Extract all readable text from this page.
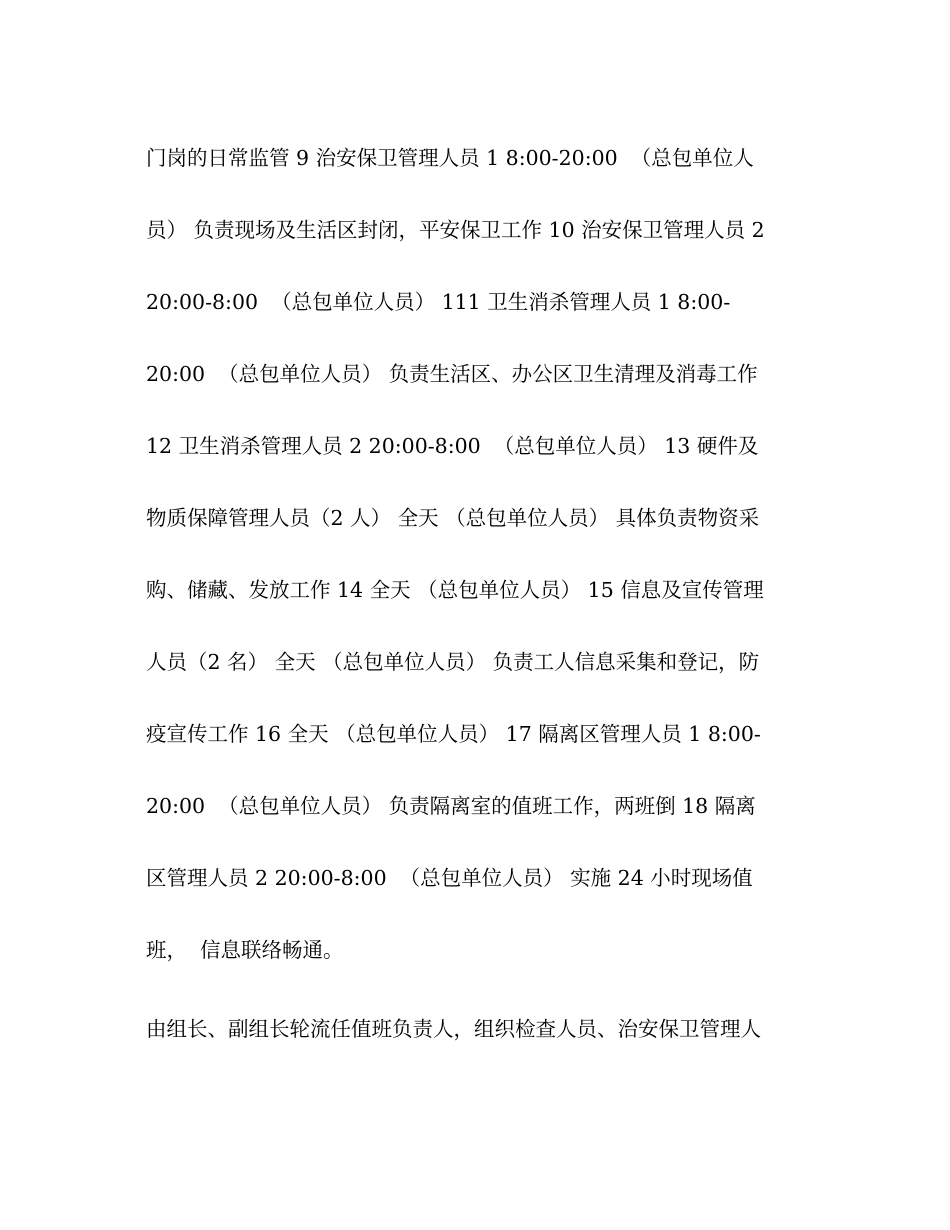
门岗的日常监管 9 治安保卫管理人员 1 8:00-20:00  （总包单位人
员） 负责现场及生活区封闭，平安保卫工作 10 治安保卫管理人员 2
20:00-8:00  （总包单位人员） 111 卫生消杀管理人员 1 8:00-
20:00  （总包单位人员） 负责生活区、办公区卫生清理及消毒工作
12 卫生消杀管理人员 2 20:00-8:00  （总包单位人员） 13 硬件及
物质保障管理人员（2 人） 全天 （总包单位人员） 具体负责物资采
购、储藏、发放工作 14 全天 （总包单位人员） 15 信息及宣传管理
人员（2 名） 全天 （总包单位人员） 负责工人信息采集和登记，防
疫宣传工作 16 全天 （总包单位人员） 17 隔离区管理人员 1 8:00-
20:00  （总包单位人员） 负责隔离室的值班工作，两班倒 18 隔离
区管理人员 2 20:00-8:00  （总包单位人员） 实施 24 小时现场值
班，  信息联络畅通。
由组长、副组长轮流任值班负责人，组织检查人员、治安保卫管理人
